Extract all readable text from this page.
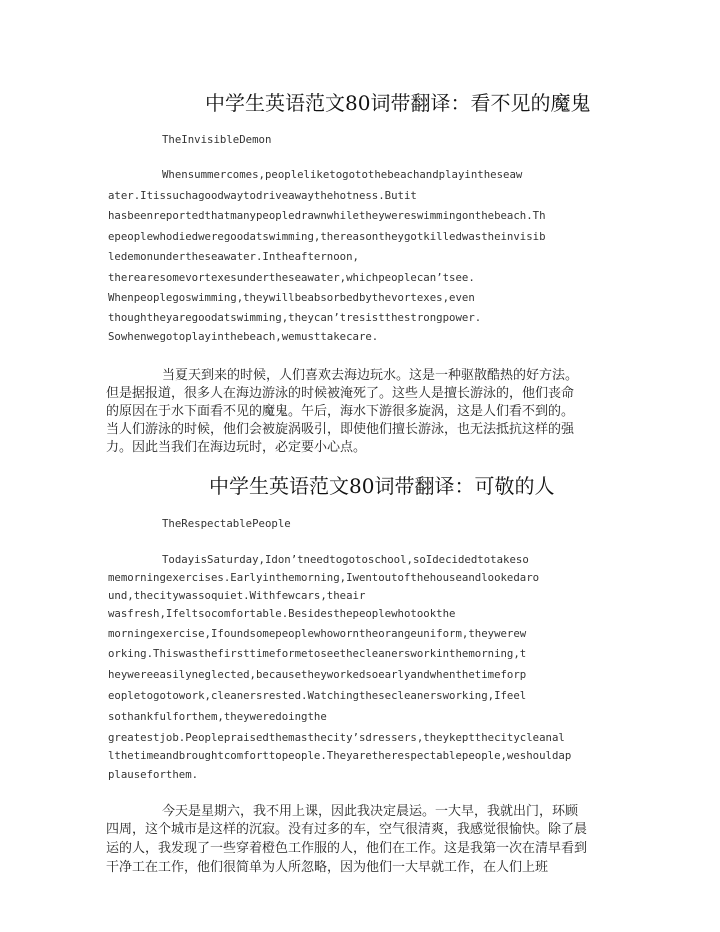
中学生英语范文80词带翻译：看不见的魔鬼
TheInvisibleDemon
Whensummercomes,peopleliketogotothebeachandplayintheseaw
ater.Itissuchagoodwaytodriveawaythehotness.Butit
hasbeenreportedthatmanypeopledrawnwhiletheywereswimmingonthebeach.Th
epeoplewhodiedweregoodatswimming,thereasontheygotkilledwastheinvisib
ledemonundertheseawater.Intheafternoon,
therearesomevortexesundertheseawater,whichpeoplecan’tsee.
Whenpeoplegoswimming,theywillbeabsorbedbythevortexes,even
thoughtheyaregoodatswimming,theycan’tresistthestrongpower.
Sowhenwegotoplayinthebeach,wemusttakecare.
当夏天到来的时候，人们喜欢去海边玩水。这是一种驱散酷热的好方法。
但是据报道，很多人在海边游泳的时候被淹死了。这些人是擅长游泳的，他们丧命
的原因在于水下面看不见的魔鬼。午后，海水下游很多旋涡，这是人们看不到的。
当人们游泳的时候，他们会被旋涡吸引，即使他们擅长游泳，也无法抵抗这样的强
力。因此当我们在海边玩时，必定要小心点。
中学生英语范文80词带翻译：可敬的人
TheRespectablePeople
TodayisSaturday,Idon’tneedtogotoschool,soIdecidedtotakeso
memorningexercises.Earlyinthemorning,Iwentoutofthehouseandlookedaro
und,thecitywassoquiet.Withfewcars,theair
wasfresh,Ifeltsocomfortable.Besidesthepeoplewhotookthe
morningexercise,Ifoundsomepeoplewhoworntheorangeuniform,theywerew
orking.Thiswasthefirsttimeformetoseethecleanersworkinthemorning,t
heywereeasilyneglected,becausetheyworkedsoearlyandwhenthetimeforp
eopletogotowork,cleanersrested.Watchingthesecleanersworking,Ifeel
sothankfulforthem,theyweredoingthe
greatestjob.Peoplepraisedthemasthecity’sdressers,theykeptthecitycleanal
lthetimeandbroughtcomforttopeople.Theyaretherespectablepeople,weshouldap
plauseforthem.
今天是星期六，我不用上课，因此我决定晨运。一大早，我就出门，环顾
四周，这个城市是这样的沉寂。没有过多的车，空气很清爽，我感觉很愉快。除了晨
运的人，我发现了一些穿着橙色工作服的人，他们在工作。这是我第一次在清早看到
干净工在工作，他们很简单为人所忽略，因为他们一大早就工作，在人们上班
